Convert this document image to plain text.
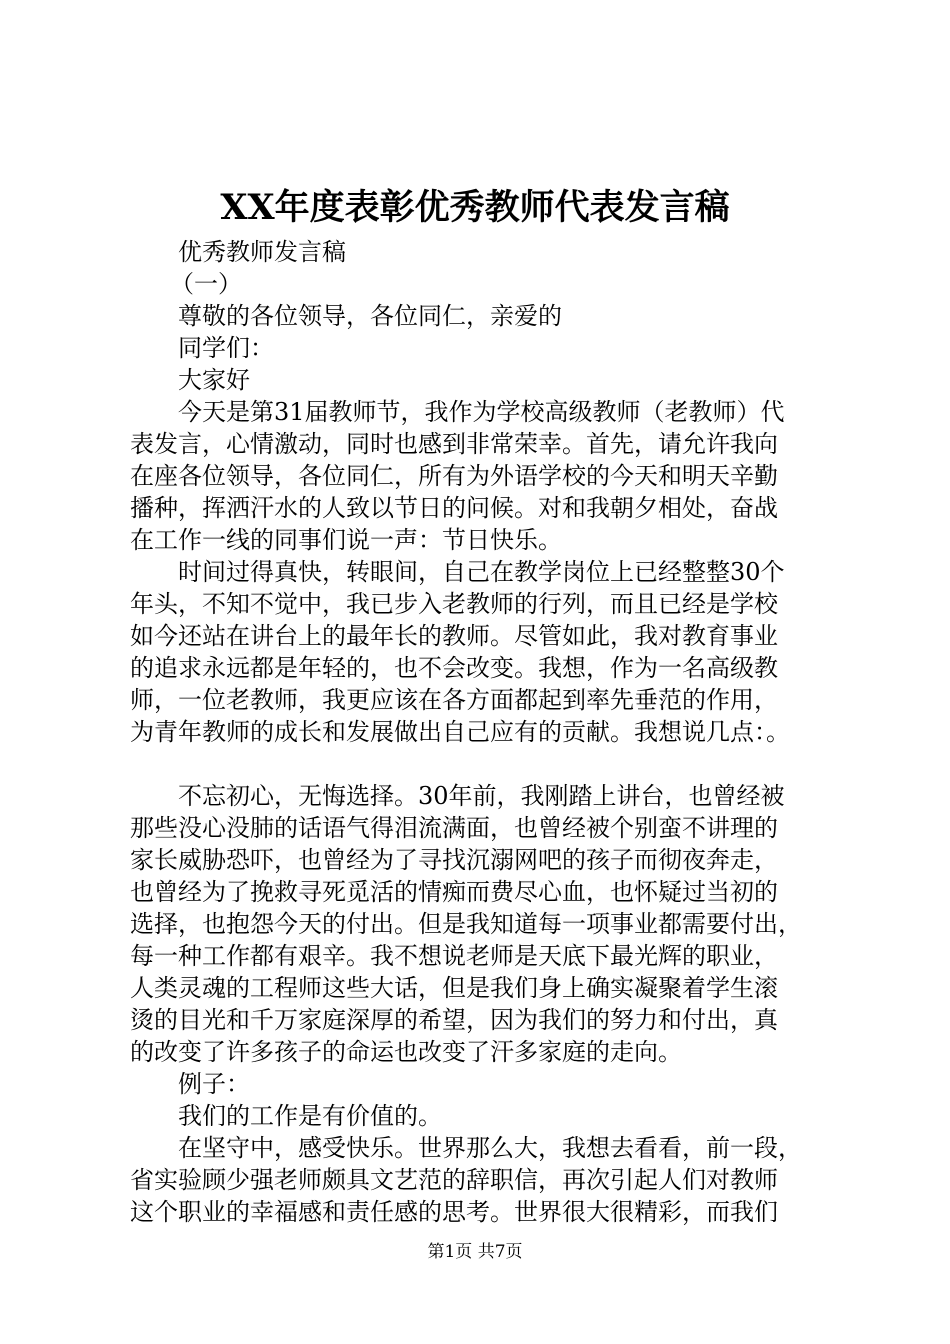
XX年度表彰优秀教师代表发言稿
优秀教师发言稿
（一）
尊敬的各位领导，各位同仁，亲爱的
同学们：
大家好
今天是第31届教师节，我作为学校高级教师（老教师）代
表发言，心情激动，同时也感到非常荣幸。首先，请允许我向
在座各位领导，各位同仁，所有为外语学校的今天和明天辛勤
播种，挥洒汗水的人致以节日的问候。对和我朝夕相处，奋战
在工作一线的同事们说一声：节日快乐。
时间过得真快，转眼间，自己在教学岗位上已经整整30个
年头，不知不觉中，我已步入老教师的行列，而且已经是学校
如今还站在讲台上的最年长的教师。尽管如此，我对教育事业
的追求永远都是年轻的，也不会改变。我想，作为一名高级教
师，一位老教师，我更应该在各方面都起到率先垂范的作用，
为青年教师的成长和发展做出自己应有的贡献。我想说几点：。
不忘初心，无悔选择。30年前，我刚踏上讲台，也曾经被
那些没心没肺的话语气得泪流满面，也曾经被个别蛮不讲理的
家长威胁恐吓，也曾经为了寻找沉溺网吧的孩子而彻夜奔走，
也曾经为了挽救寻死觅活的情痴而费尽心血，也怀疑过当初的
选择，也抱怨今天的付出。但是我知道每一项事业都需要付出，
每一种工作都有艰辛。我不想说老师是天底下最光辉的职业，
人类灵魂的工程师这些大话，但是我们身上确实凝聚着学生滚
烫的目光和千万家庭深厚的希望，因为我们的努力和付出，真
的改变了许多孩子的命运也改变了汗多家庭的走向。
例子：
我们的工作是有价值的。
在坚守中，感受快乐。世界那么大，我想去看看，前一段，
省实验顾少强老师颇具文艺范的辞职信，再次引起人们对教师
这个职业的幸福感和责任感的思考。世界很大很精彩，而我们
第1页 共7页
